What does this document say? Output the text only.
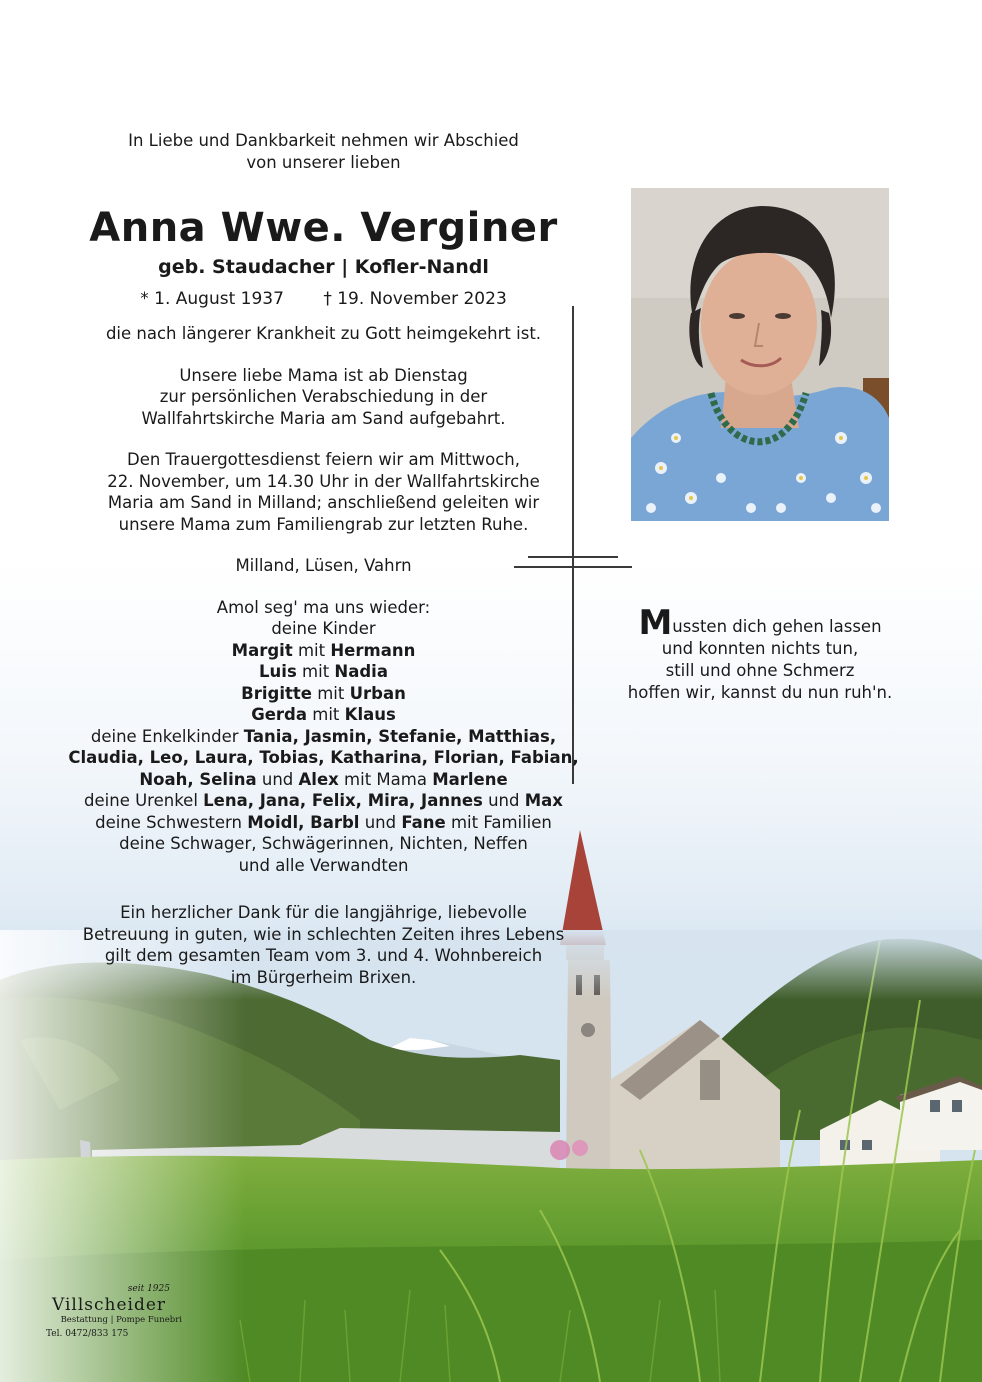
In Liebe und Dankbarkeit nehmen wir Abschied

von unserer lieben

Anna Wwe. Verginer
geb. Staudacher | Kofler-Nandl
* 1. August 1937 † 19. November 2023

die nach längerer Krankheit zu Gott heimgekehrt ist.

Unsere liebe Mama ist ab Dienstag
zur persönlichen Verabschiedung in der
Wallfahrtskirche Maria am Sand aufgebahrt.
Den Trauergottesdienst feiern wir am Mittwoch,
22. November, um 14.30 Uhr in der Wallfahrtskirche
Maria am Sand in Milland; anschließend geleiten wir
unsere Mama zum Familiengrab zur letzten Ruhe.

Milland, Lüsen, Vahrn

Amol seg' ma uns wieder:
deine Kinder
Margit mit Hermann
Luis mit Nadia
Brigitte mit Urban
Gerda mit Klaus
deine Enkelkinder Tania, Jasmin, Stefanie, Matthias,
Claudia, Leo, Laura, Tobias, Katharina, Florian, Fabian,
Noah, Selina und Alex mit Mama Marlene
deine Urenkel Lena, Jana, Felix, Mira, Jannes und Max
deine Schwestern Moidl, Barbl und Fane mit Familien
deine Schwager, Schwägerinnen, Nichten, Neffen
und alle Verwandten
Ein herzlicher Dank für die langjährige, liebevolle
Betreuung in guten, wie in schlechten Zeiten ihres Lebens
gilt dem gesamten Team vom 3. und 4. Wohnbereich
im Bürgerheim Brixen.
Mussten dich gehen lassen
und konnten nichts tun,
still und ohne Schmerz
hoffen wir, kannst du nun ruh'n.
seit 1925
Villscheider
Bestattung | Pompe Funebri
Tel. 0472/833 175
